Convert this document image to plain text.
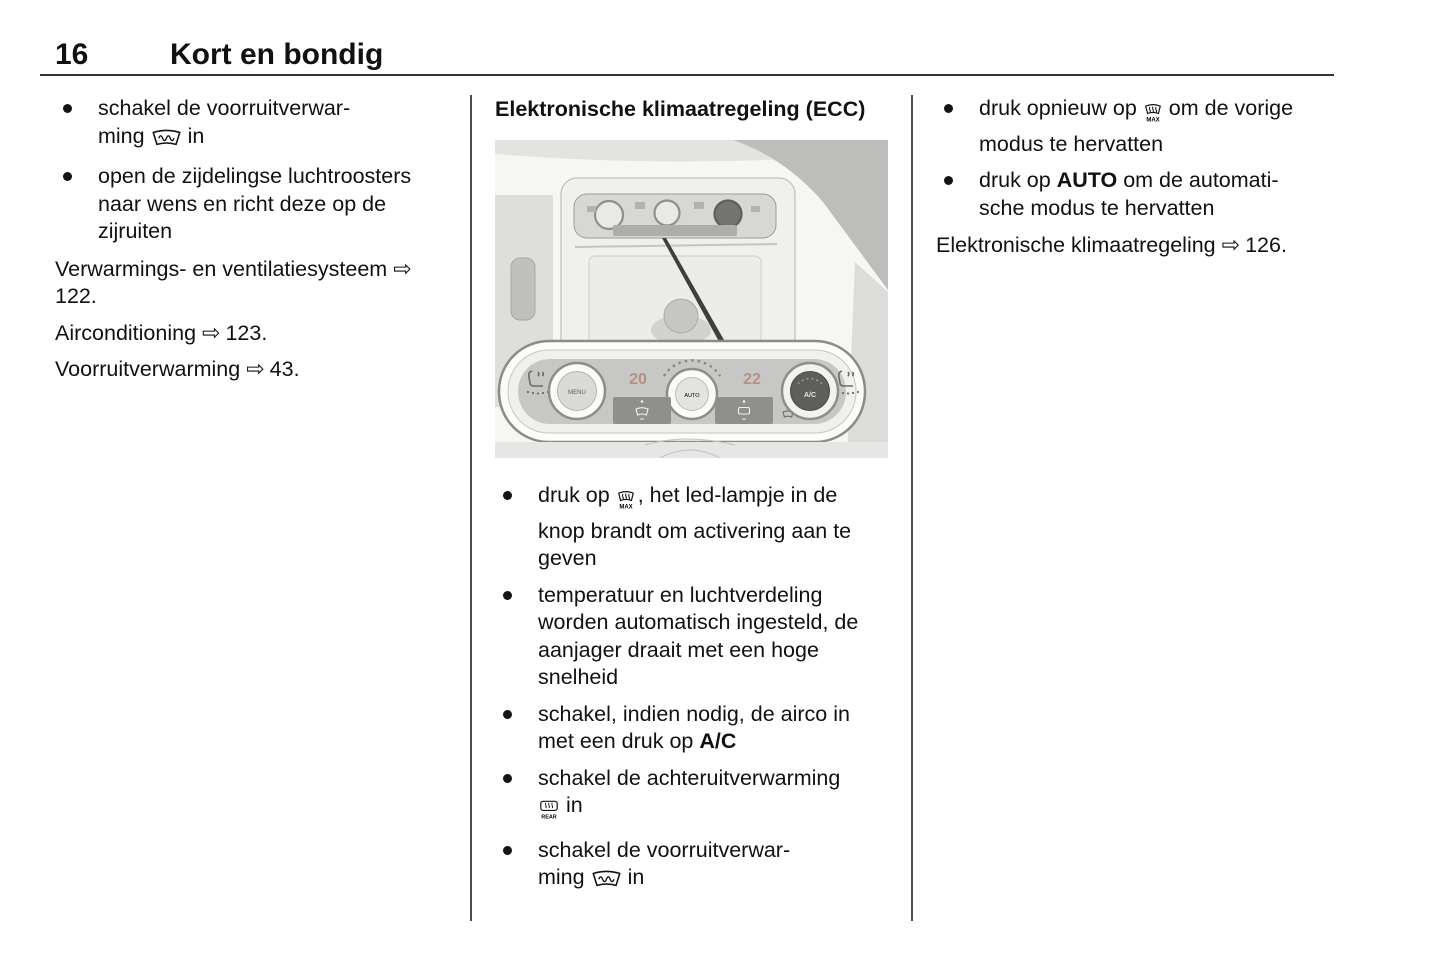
16	Kort en bondig
schakel de voorruitverwar-
ming in
open de zijdelingse luchtroosters naar wens en richt deze op de zijruiten

Verwarmings- en ventilatiesysteem ⇨122.

Airconditioning ⇨ 123.

Voorruitverwarming ⇨ 43.

Elektronische klimaatregeling (ECC)

MENU
20	22
AUTO	A/C
druk op
MAX
, het led-lampje in de knop brandt om activering aan te geven
temperatuur en luchtverdeling worden automatisch ingesteld, de aanjager draait met een hoge snelheid
schakel, indien nodig, de airco in met een druk op A/C
schakel de achteruitverwarming

REAR
in
schakel de voorruitverwar-
ming in
druk opnieuw op
MAX
om de vorige modus te hervatten
druk op AUTO om de automati-
sche modus te hervatten

Elektronische klimaatregeling ⇨ 126.
